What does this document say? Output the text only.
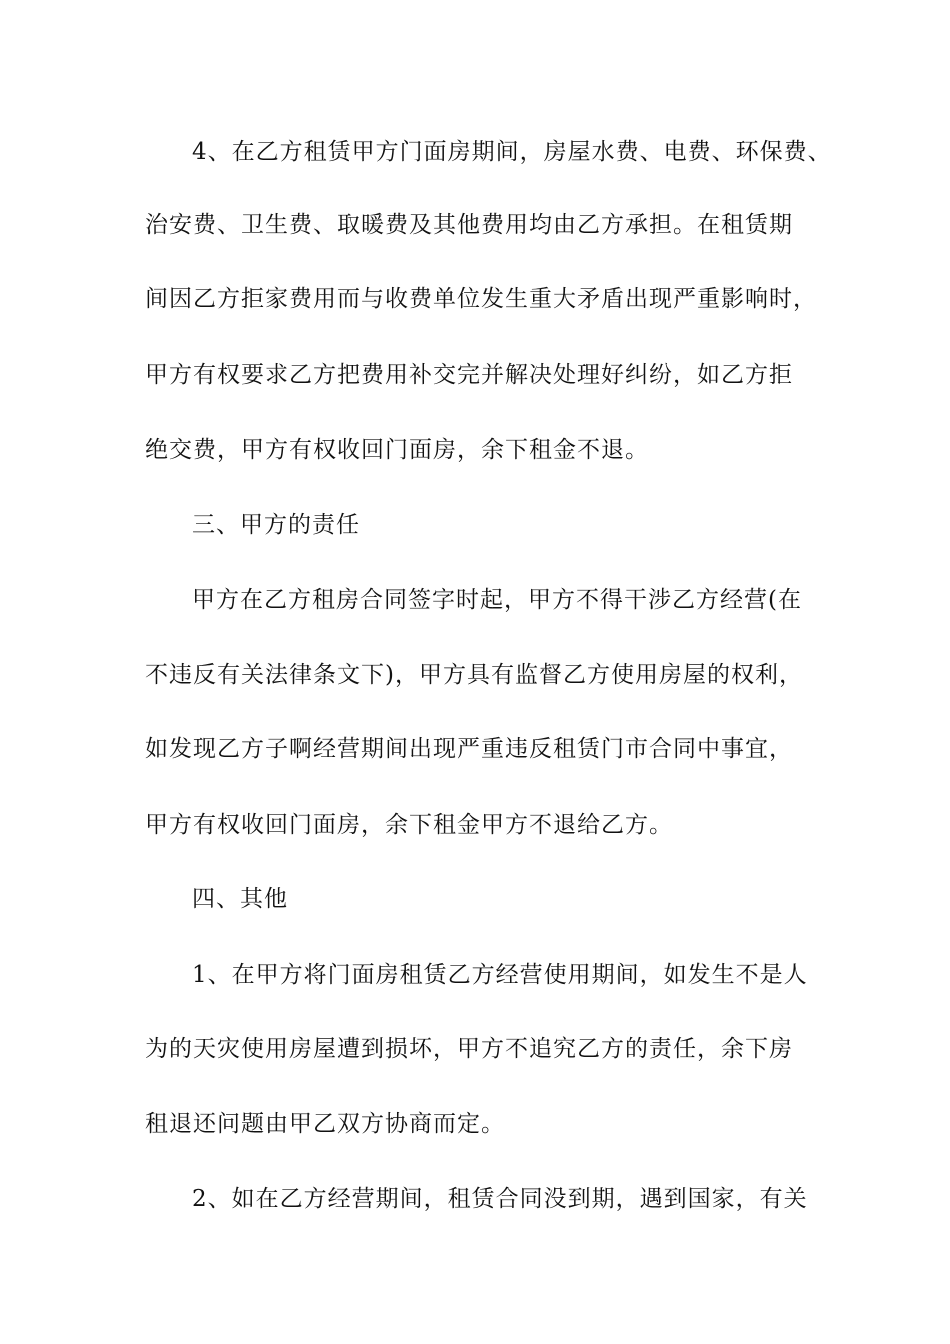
4、在乙方租赁甲方门面房期间，房屋水费、电费、环保费、
治安费、卫生费、取暖费及其他费用均由乙方承担。在租赁期
间因乙方拒家费用而与收费单位发生重大矛盾出现严重影响时，
甲方有权要求乙方把费用补交完并解决处理好纠纷，如乙方拒
绝交费，甲方有权收回门面房，余下租金不退。
三、甲方的责任
甲方在乙方租房合同签字时起，甲方不得干涉乙方经营(在
不违反有关法律条文下)，甲方具有监督乙方使用房屋的权利，
如发现乙方子啊经营期间出现严重违反租赁门市合同中事宜，
甲方有权收回门面房，余下租金甲方不退给乙方。
四、其他
1、在甲方将门面房租赁乙方经营使用期间，如发生不是人
为的天灾使用房屋遭到损坏，甲方不追究乙方的责任，余下房
租退还问题由甲乙双方协商而定。
2、如在乙方经营期间，租赁合同没到期，遇到国家，有关
